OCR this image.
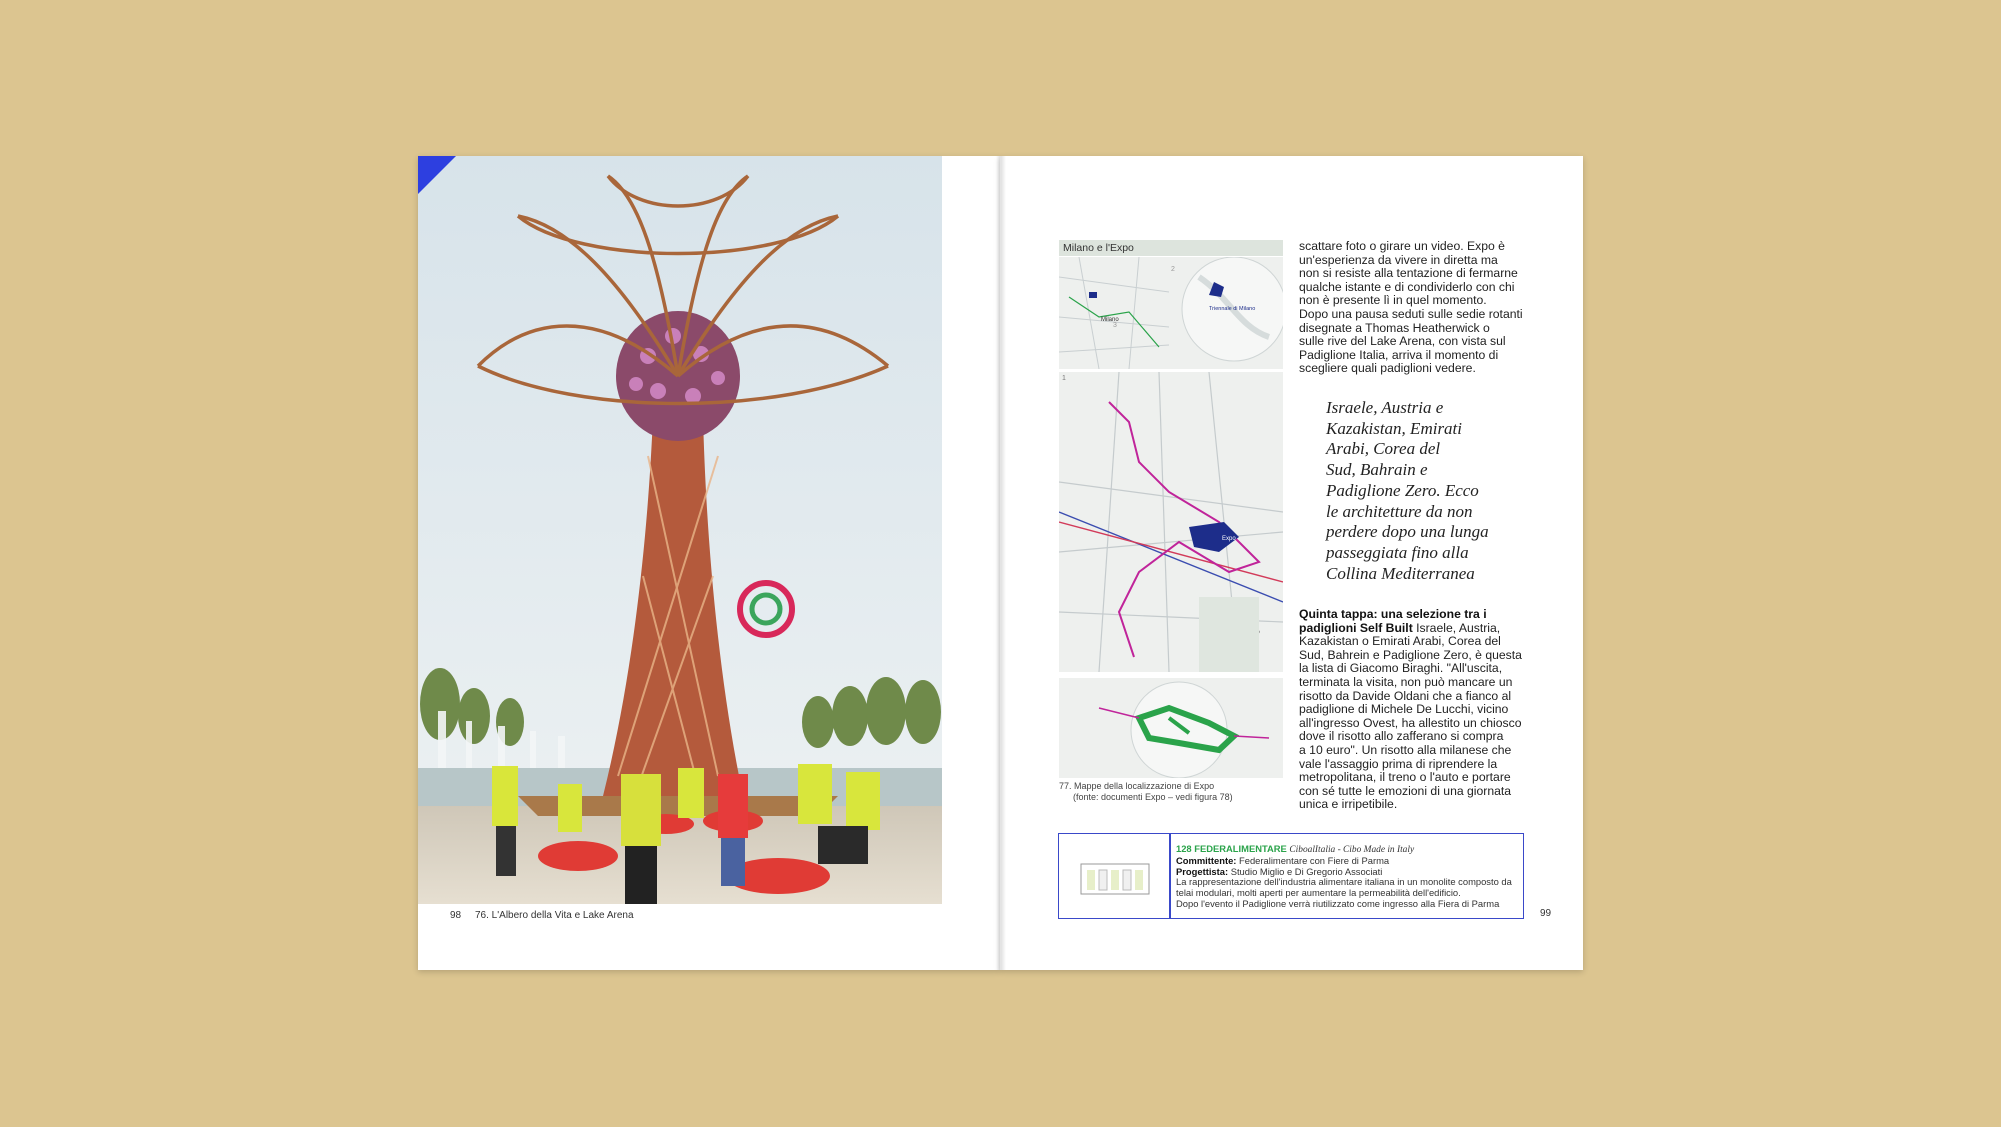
98 76. L'Albero della Vita e Lake Arena
Milano e l'Expo
Milano
2
3
Triennale di Milano
1
Expo
77. Mappe della localizzazione di Expo
(fonte: documenti Expo – vedi figura 78)

scattare foto o girare un video. Expo è

un'esperienza da vivere in diretta ma

non si resiste alla tentazione di fermarne

qualche istante e di condividerlo con chi

non è presente lì in quel momento.

Dopo una pausa seduti sulle sedie rotanti

disegnate a Thomas Heatherwick o

sulle rive del Lake Arena, con vista sul

Padiglione Italia, arriva il momento di

scegliere quali padiglioni vedere.

Israele, Austria e
Kazakistan, Emirati
Arabi, Corea del
Sud, Bahrain e
Padiglione Zero. Ecco
le architetture da non
perdere dopo una lunga
passeggiata fino alla
Collina Mediterranea

Quinta tappa: una selezione tra i

padiglioni Self Built Israele, Austria,

Kazakistan o Emirati Arabi, Corea del

Sud, Bahrein e Padiglione Zero, è questa

la lista di Giacomo Biraghi. "All'uscita,

terminata la visita, non può mancare un

risotto da Davide Oldani che a fianco al

padiglione di Michele De Lucchi, vicino

all'ingresso Ovest, ha allestito un chiosco

dove il risotto allo zafferano si compra

a 10 euro". Un risotto alla milanese che

vale l'assaggio prima di riprendere la

metropolitana, il treno o l'auto e portare

con sé tutte le emozioni di una giornata

unica e irripetibile.

128 FEDERALIMENTARE CiboalItalia - Cibo Made in Italy
Committente: Federalimentare con Fiere di Parma
Progettista: Studio Miglio e Di Gregorio Associati
La rappresentazione dell'industria alimentare italiana in un monolite composto da
telai modulari, molti aperti per aumentare la permeabilità dell'edificio.
Dopo l'evento il Padiglione verrà riutilizzato come ingresso alla Fiera di Parma
99
